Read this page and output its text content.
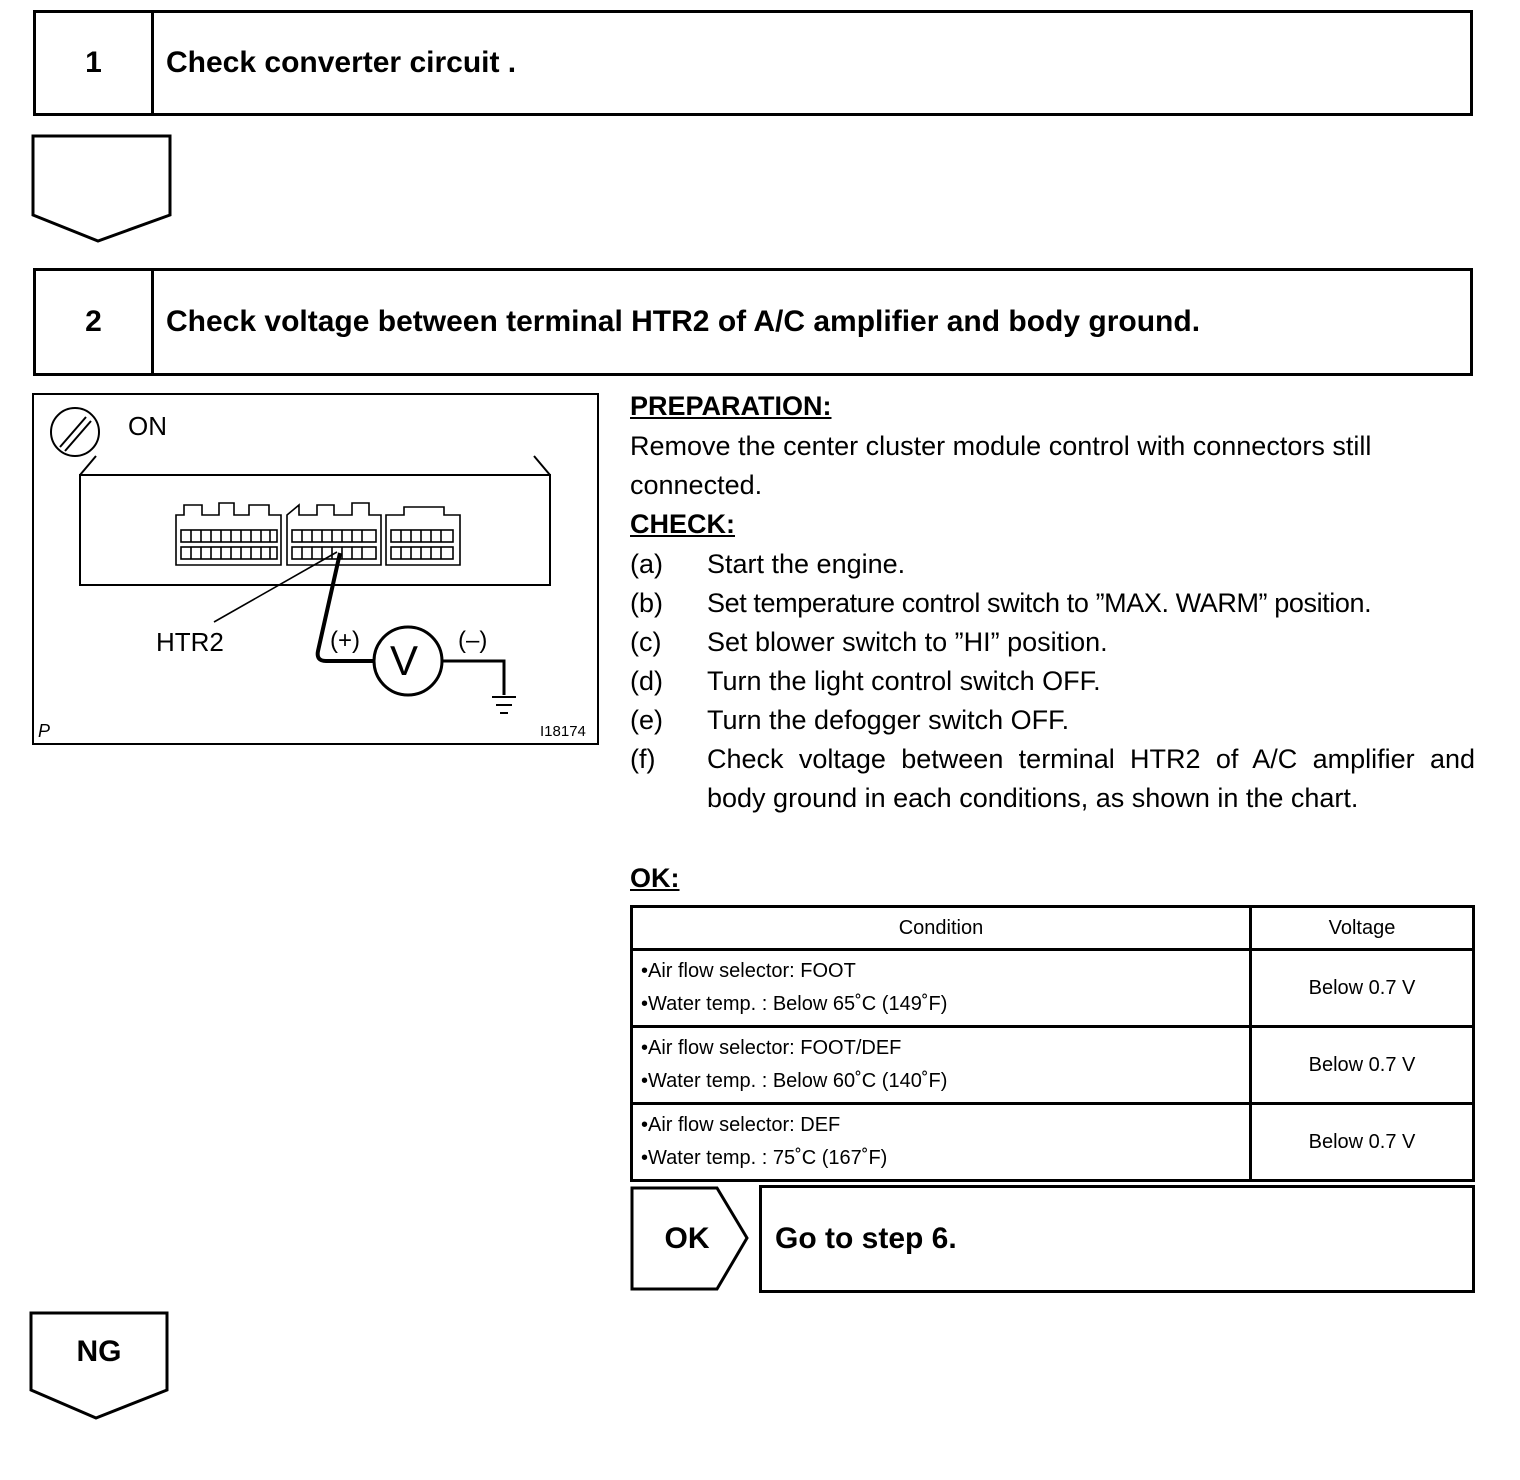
1	Check converter circuit .
2	Check voltage between terminal HTR2 of A/C amplifier and body ground.
ON
HTR2	(+)	(–)
V
P	I18174
PREPARATION:
Remove the center cluster module control with connectors still connected.
CHECK:
(a) Start the engine.
(b) Set temperature control switch to ”MAX. WARM” position.
(c) Set blower switch to ”HI” position.
(d) Turn the light control switch OFF.
(e) Turn the defogger switch OFF.
(f) Check voltage between terminal HTR2 of A/C amplifier and body ground in each conditions, as shown in the chart.
OK:
Condition	Voltage

•Air flow selector: FOOT
•Water temp. : Below 65˚C (149˚F)	Below 0.7 V

•Air flow selector: FOOT/DEF
•Water temp. : Below 60˚C (140˚F)	Below 0.7 V

•Air flow selector: DEF
•Water temp. : 75˚C (167˚F)	Below 0.7 V
OK	Go to step 6.
NG
